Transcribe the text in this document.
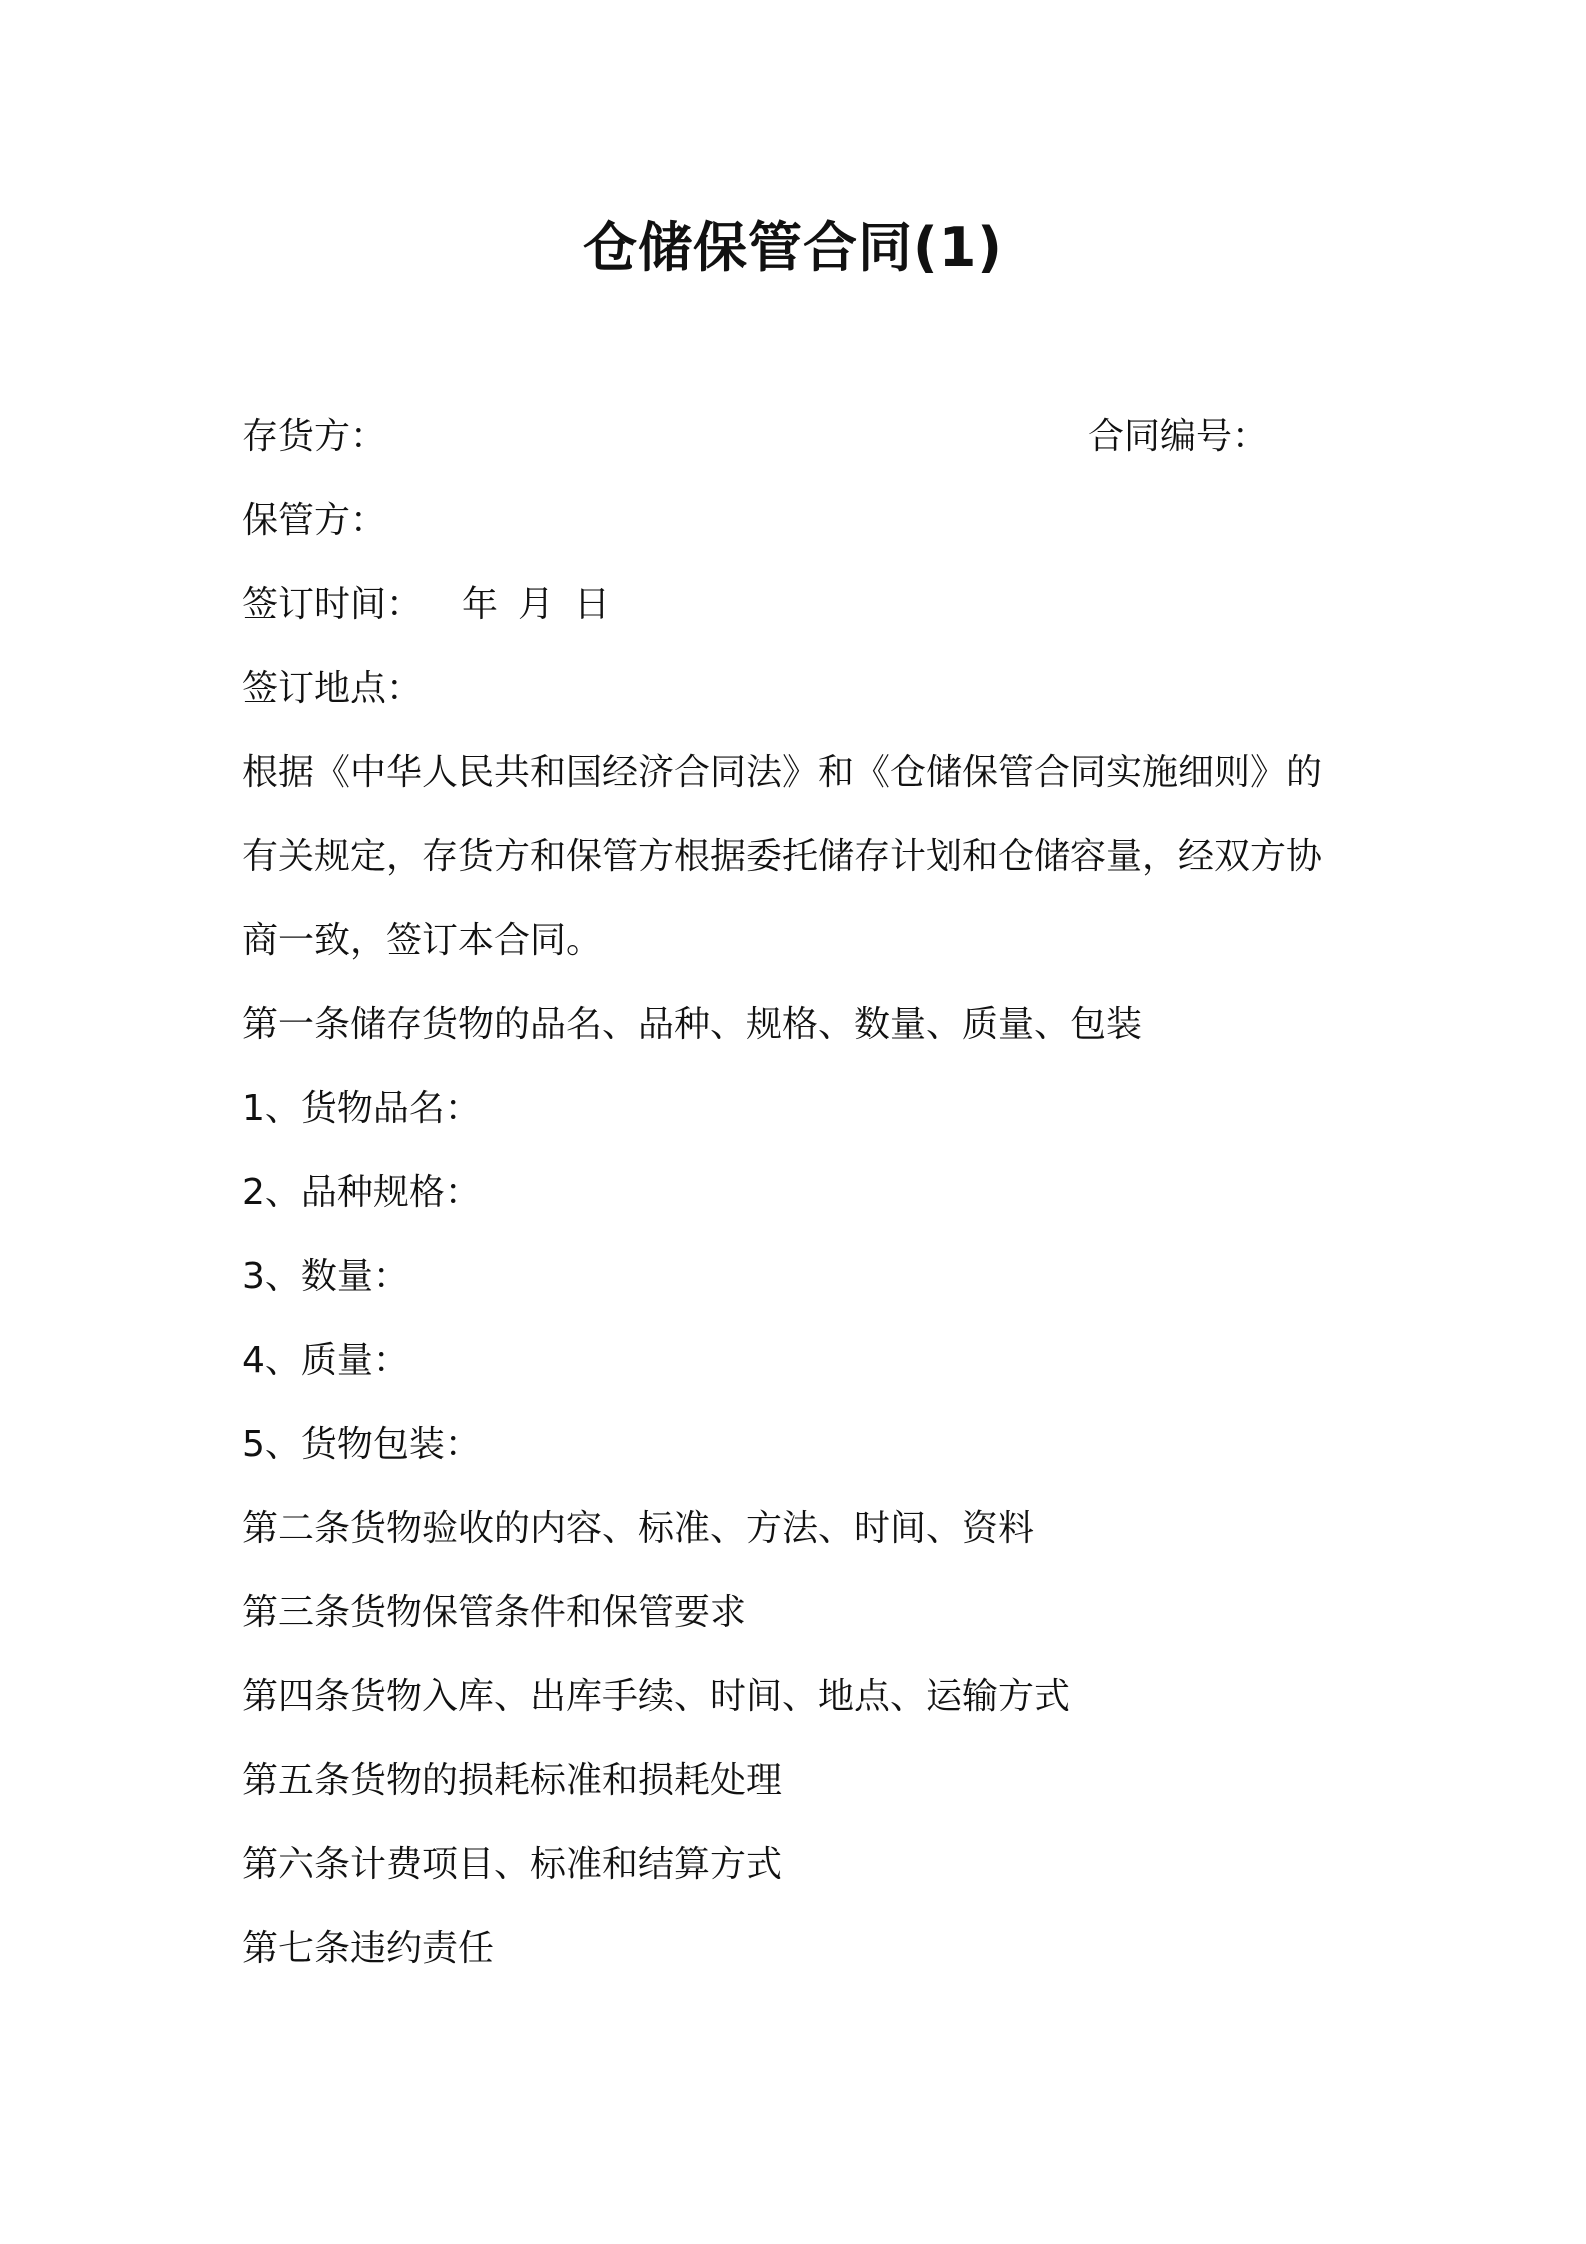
仓储保管合同(1)
存货方：	合同编号：
保管方：
签订时间： 年 月 日
签订地点：
根据《中华人民共和国经济合同法》和《仓储保管合同实施细则》的
有关规定，存货方和保管方根据委托储存计划和仓储容量，经双方协
商一致，签订本合同。
第一条储存货物的品名、品种、规格、数量、质量、包装
1、货物品名：
2、品种规格：
3、数量：
4、质量：
5、货物包装：
第二条货物验收的内容、标准、方法、时间、资料
第三条货物保管条件和保管要求
第四条货物入库、出库手续、时间、地点、运输方式
第五条货物的损耗标准和损耗处理
第六条计费项目、标准和结算方式
第七条违约责任
